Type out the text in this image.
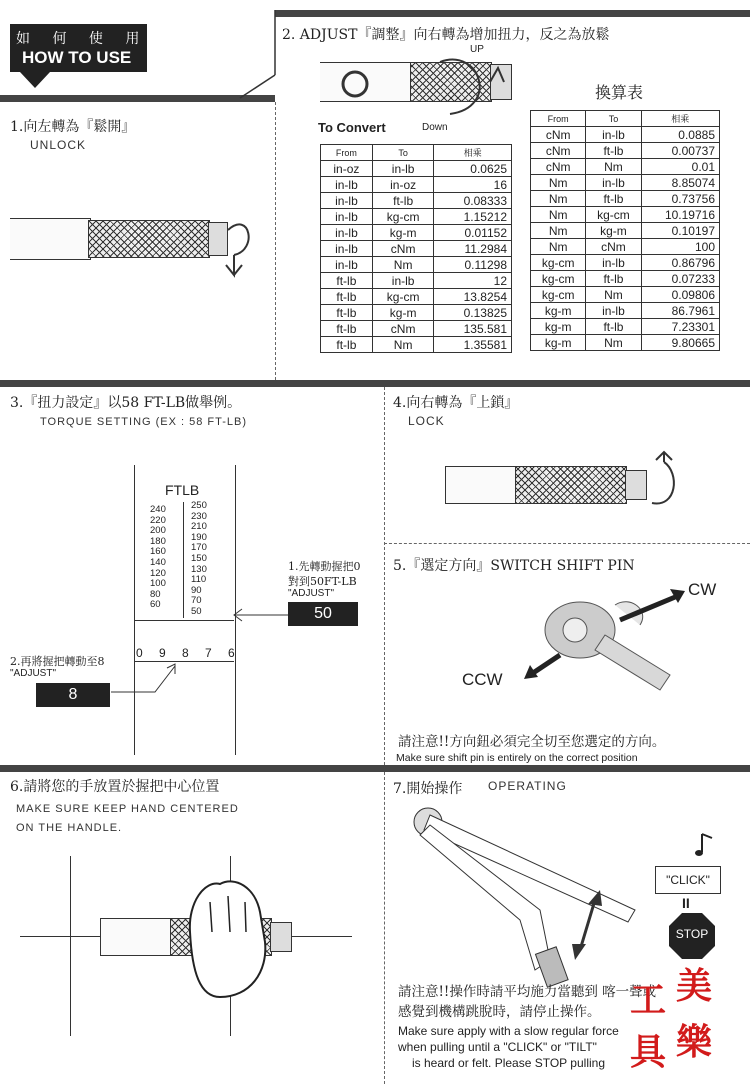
如 何 使 用
HOW TO USE
1.向左轉為『鬆開』
UNLOCK
2. ADJUST『調整』向右轉為增加扭力，反之為放鬆
UP
Down
To Convert
換算表
From	To	相乘
in-oz	in-lb	0.0625
in-lb	in-oz	16
in-lb	ft-lb	0.08333
in-lb	kg-cm	1.15212
in-lb	kg-m	0.01152
in-lb	cNm	11.2984
in-lb	Nm	0.11298
ft-lb	in-lb	12
ft-lb	kg-cm	13.8254
ft-lb	kg-m	0.13825
ft-lb	cNm	135.581
ft-lb	Nm	1.35581
From	To	相乘
cNm	in-lb	0.0885
cNm	ft-lb	0.00737
cNm	Nm	0.01
Nm	in-lb	8.85074
Nm	ft-lb	0.73756
Nm	kg-cm	10.19716
Nm	kg-m	0.10197
Nm	cNm	100
kg-cm	in-lb	0.86796
kg-cm	ft-lb	0.07233
kg-cm	Nm	0.09806
kg-m	in-lb	86.7961
kg-m	ft-lb	7.23301
kg-m	Nm	9.80665
3.『扭力設定』以58 FT-LB做舉例。
TORQUE SETTING (EX : 58 FT-LB)
FTLB
240
220
200
180
160
140
120
100
80
60
250
230
210
190
170
150
130
110
90
70
50
0 9 8 7 6
1.先轉動握把0
對到50FT-LB
"ADJUST"
50
2.再將握把轉動至8
"ADJUST"
8
4.向右轉為『上鎖』
LOCK
5.『選定方向』SWITCH SHIFT PIN
CW
CCW
請注意!!方向鈕必須完全切至您選定的方向。
Make sure shift pin is entirely on the correct position
6.請將您的手放置於握把中心位置
MAKE SURE KEEP HAND CENTERED
ON THE HANDLE.
7.開始操作 OPERATING
"CLICK"
II
STOP
請注意!!操作時請平均施力當聽到 喀一聲或
感覺到機構跳脫時，請停止操作。
Make sure apply with a slow regular force
when pulling until a "CLICK" or "TILT"
is heard or felt. Please STOP pulling
美
樂
工
具
